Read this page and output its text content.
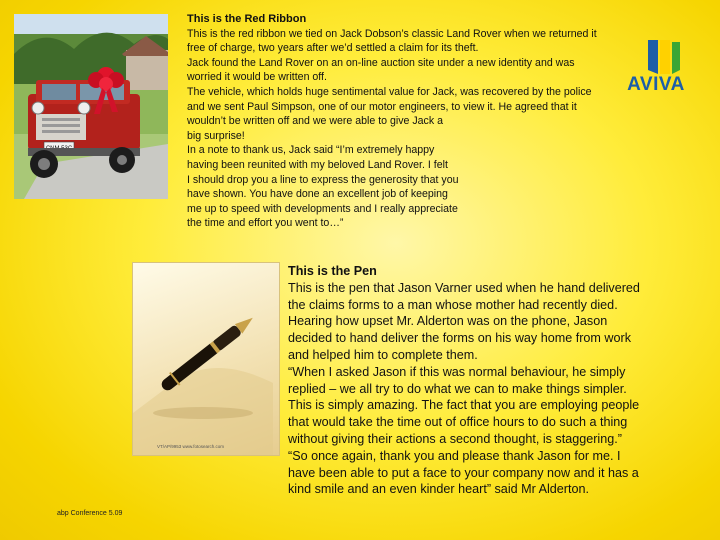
This is the Red Ribbon

This is the red ribbon we tied on Jack Dobson’s classic Land Rover when we returned it

free of charge, two years after we’d settled a claim for its theft.

Jack found the Land Rover on an on-line auction site under a new identity and was

worried it would be written off.

The vehicle, which holds huge sentimental value for Jack, was recovered by the police

and we sent Paul Simpson, one of our motor engineers, to view it. He agreed that it

wouldn’t be written off and we were able to give Jack a

big surprise!

In a note to thank us, Jack said “I’m extremely happy

having been reunited with my beloved Land Rover. I felt

I should drop you a line to express the generosity that you

have shown. You have done an excellent job of keeping

me up to speed with developments and I really appreciate

the time and effort you went to…”

AVIVA
VT/AP/9953 www.fotosearch.com

This is the Pen

This is the pen that Jason Varner used when he hand delivered

the claims forms to a man whose mother had recently died.

Hearing how upset Mr. Alderton was on the phone, Jason

decided to hand deliver the forms on his way home from work

and helped him to complete them.

“When I asked Jason if this was normal behaviour, he simply

replied – we all try to do what we can to make things simpler.

This is simply amazing. The fact that you are employing people

that would take the time out of office hours to do such a thing

without giving their actions a second thought, is staggering.”

“So once again, thank you and please thank Jason for me. I

have been able to put a face to your company now and it has a

kind smile and an even kinder heart” said Mr Alderton.

abp Conference 5.09
